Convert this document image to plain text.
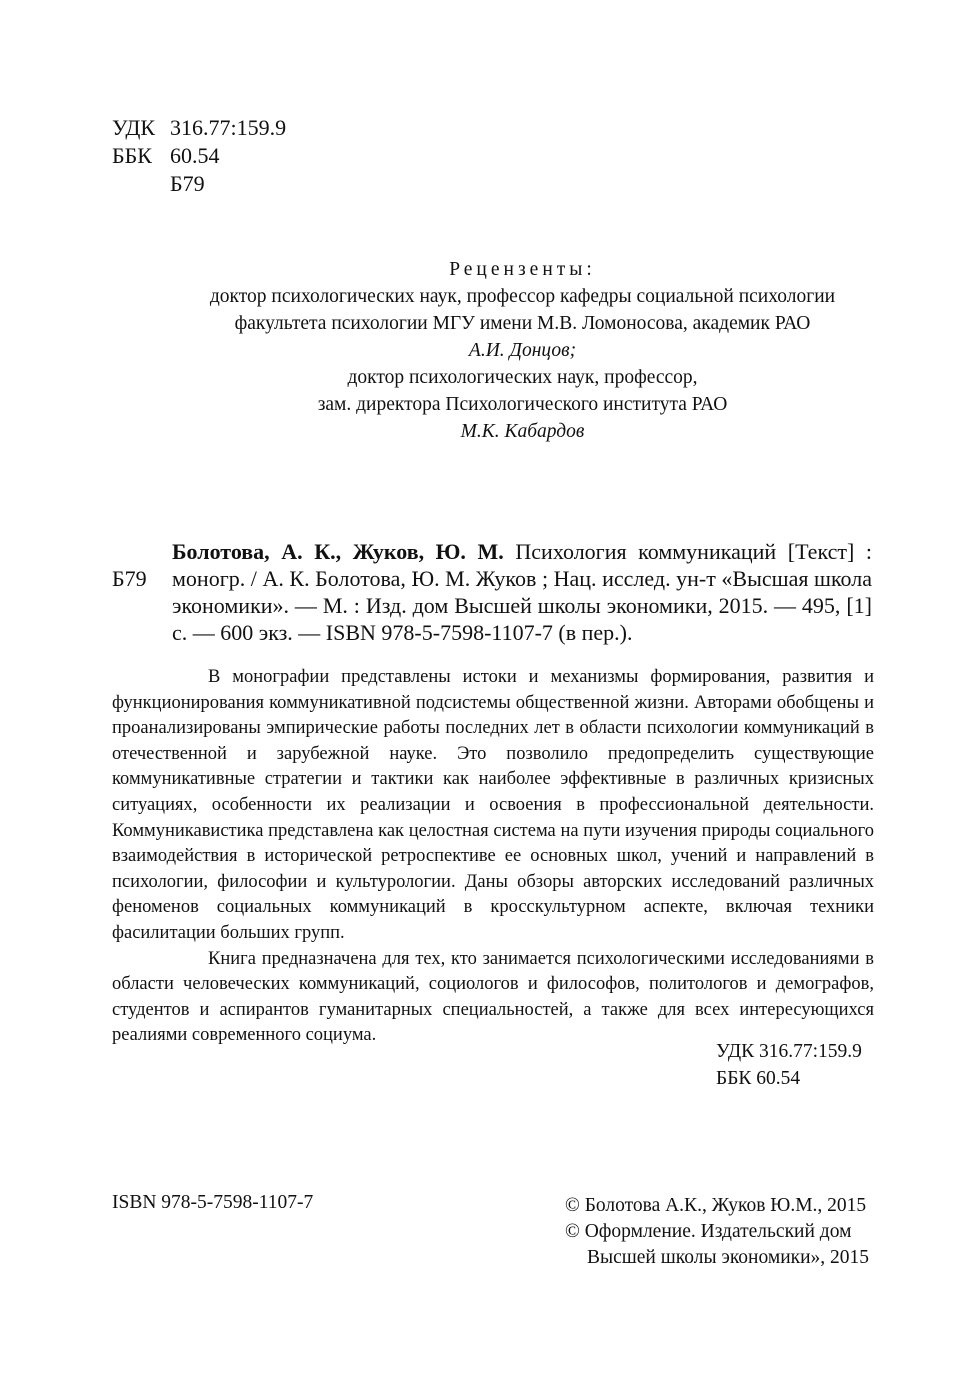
УДК 316.77:159.9
ББК 60.54
Б79
Рецензенты:
доктор психологических наук, профессор кафедры социальной психологии
факультета психологии МГУ имени М.В. Ломоносова, академик РАО
А.И. Донцов;
доктор психологических наук, профессор,
зам. директора Психологического института РАО
М.К. Кабардов
Б79
Болотова, А. К., Жуков, Ю. М. Психология коммуникаций [Текст] : моногр. / А. К. Болотова, Ю. М. Жуков ; Нац. исслед. ун-т «Высшая школа экономики». — М. : Изд. дом Высшей школы экономики, 2015. — 495, [1] с. — 600 экз. — ISBN 978-5-7598-1107-7 (в пер.).

В монографии представлены истоки и механизмы формирования, развития и функционирования коммуникативной подсистемы общественной жизни. Авторами обобщены и проанализированы эмпирические работы последних лет в области психологии коммуникаций в отечественной и зарубежной науке. Это позволило предопределить существующие коммуникативные стратегии и тактики как наиболее эффективные в различных кризисных ситуациях, особенности их реализации и освоения в профессиональной деятельности. Коммуникавистика представлена как целостная система на пути изучения природы социального взаимодействия в исторической ретроспективе ее основных школ, учений и направлений в психологии, философии и культурологии. Даны обзоры авторских исследований различных феноменов социальных коммуникаций в кросскультурном аспекте, включая техники фасилитации больших групп.

Книга предназначена для тех, кто занимается психологическими исследованиями в области человеческих коммуникаций, социологов и философов, политологов и демографов, студентов и аспирантов гуманитарных специальностей, а также для всех интересующихся реалиями современного социума.

УДК 316.77:159.9
ББК 60.54
ISBN 978-5-7598-1107-7	© Болотова А.К., Жуков Ю.М., 2015
© Оформление. Издательский дом
Высшей школы экономики», 2015
